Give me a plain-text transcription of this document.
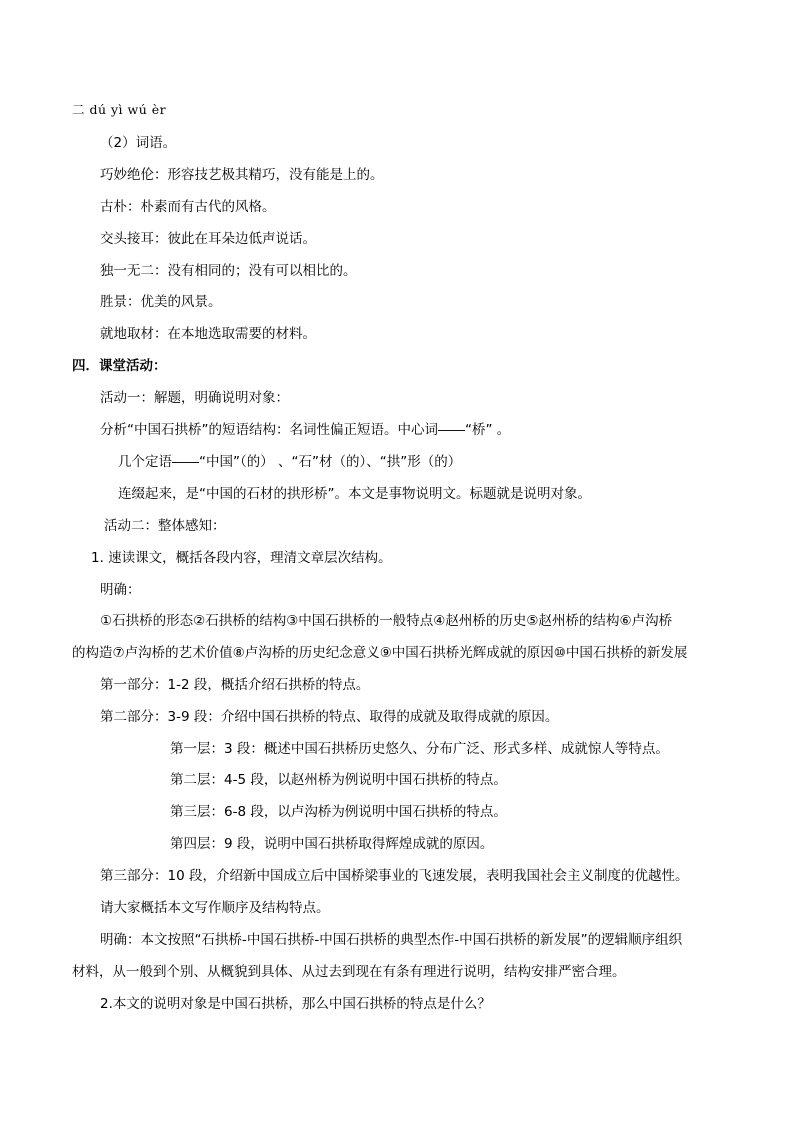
二 dú yì wú èr
（2）词语。
巧妙绝伦：形容技艺极其精巧，没有能是上的。
古朴：朴素而有古代的风格。
交头接耳：彼此在耳朵边低声说话。
独一无二：没有相同的；没有可以相比的。
胜景：优美的风景。
就地取材：在本地选取需要的材料。
四．课堂活动：
活动一：解题，明确说明对象：
分析“中国石拱桥”的短语结构：名词性偏正短语。中心词――“桥” 。
几个定语――“中国”（的） 、“石”材（的）、“拱”形（的）
连缀起来，是“中国的石材的拱形桥”。本文是事物说明文。标题就是说明对象。
活动二：整体感知：
1. 速读课文，概括各段内容，理清文章层次结构。
明确：
①石拱桥的形态②石拱桥的结构③中国石拱桥的一般特点④赵州桥的历史⑤赵州桥的结构⑥卢沟桥
的构造⑦卢沟桥的艺术价值⑧卢沟桥的历史纪念意义⑨中国石拱桥光辉成就的原因⑩中国石拱桥的新发展
第一部分：1-2 段，概括介绍石拱桥的特点。
第二部分：3-9 段：介绍中国石拱桥的特点、取得的成就及取得成就的原因。
第一层：3 段：概述中国石拱桥历史悠久、分布广泛、形式多样、成就惊人等特点。
第二层：4-5 段，以赵州桥为例说明中国石拱桥的特点。
第三层：6-8 段，以卢沟桥为例说明中国石拱桥的特点。
第四层：9 段，说明中国石拱桥取得辉煌成就的原因。
第三部分：10 段，介绍新中国成立后中国桥梁事业的飞速发展，表明我国社会主义制度的优越性。
请大家概括本文写作顺序及结构特点。
明确：本文按照“石拱桥-中国石拱桥-中国石拱桥的典型杰作-中国石拱桥的新发展”的逻辑顺序组织
材料，从一般到个别、从概貌到具体、从过去到现在有条有理进行说明，结构安排严密合理。
2.本文的说明对象是中国石拱桥，那么中国石拱桥的特点是什么？
